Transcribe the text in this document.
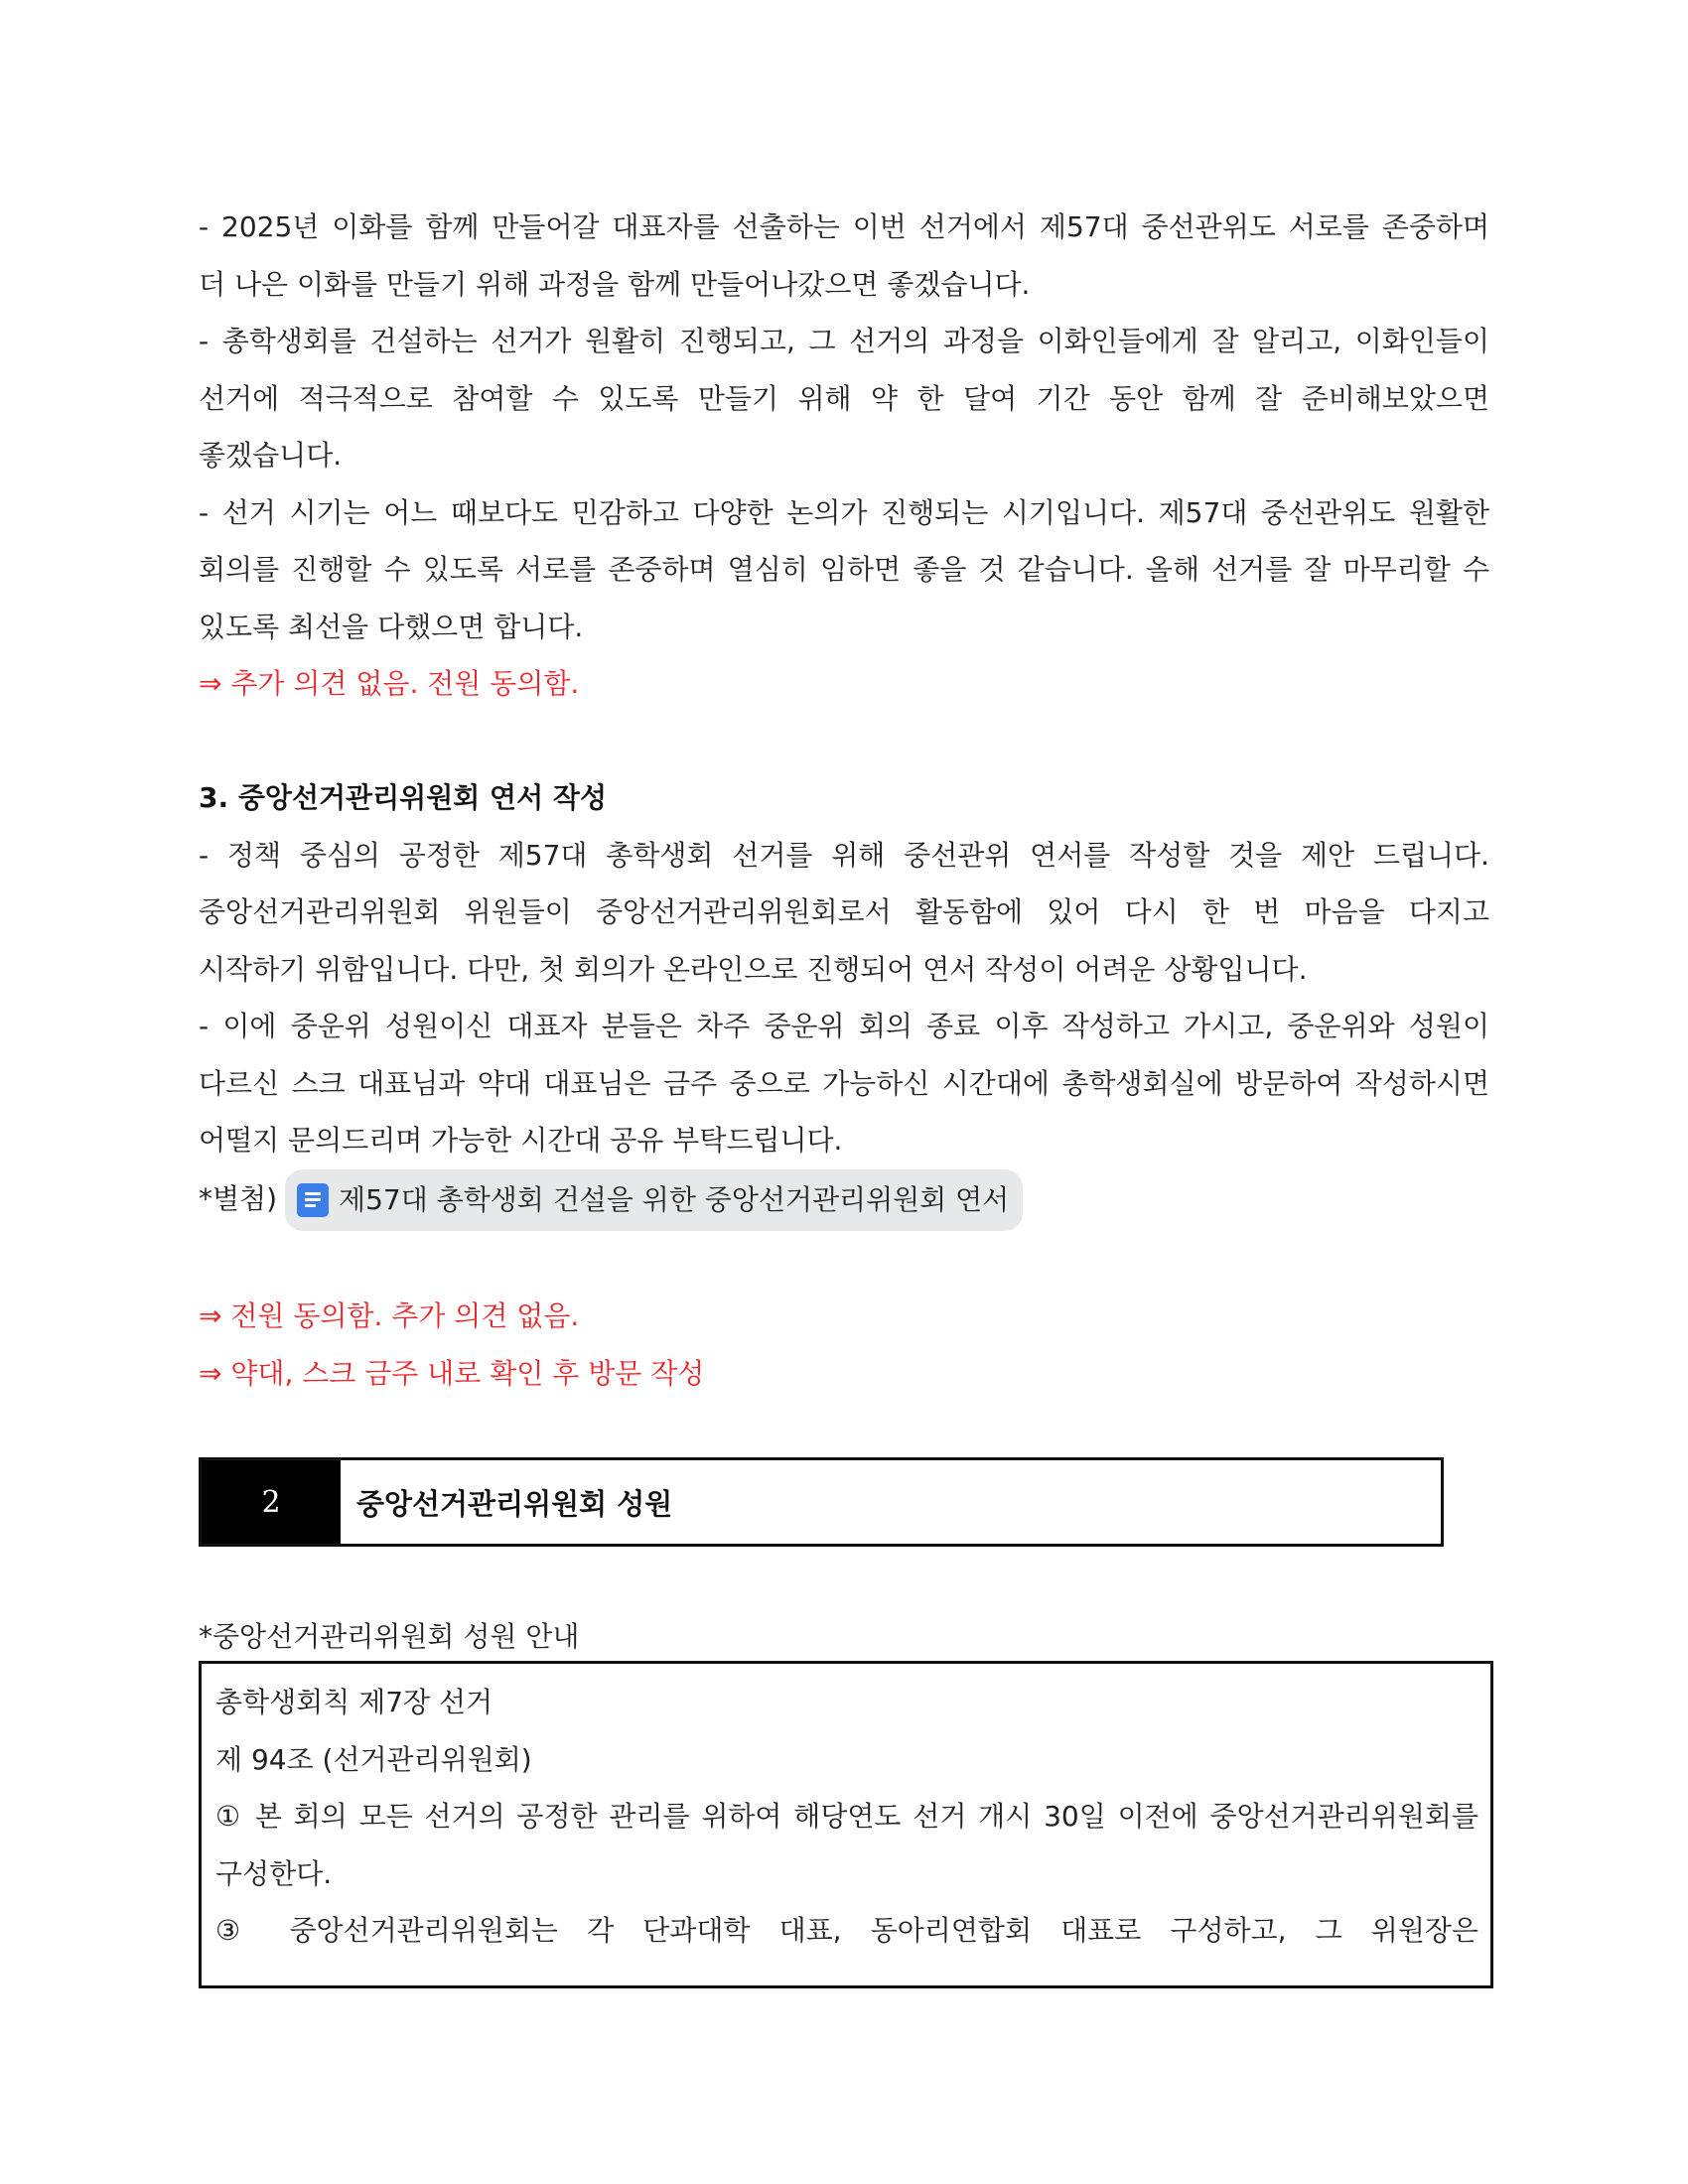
- 2025년 이화를 함께 만들어갈 대표자를 선출하는 이번 선거에서 제57대 중선관위도 서로를 존중하며

더 나은 이화를 만들기 위해 과정을 함께 만들어나갔으면 좋겠습니다.

- 총학생회를 건설하는 선거가 원활히 진행되고, 그 선거의 과정을 이화인들에게 잘 알리고, 이화인들이

선거에 적극적으로 참여할 수 있도록 만들기 위해 약 한 달여 기간 동안 함께 잘 준비해보았으면

좋겠습니다.

- 선거 시기는 어느 때보다도 민감하고 다양한 논의가 진행되는 시기입니다. 제57대 중선관위도 원활한

회의를 진행할 수 있도록 서로를 존중하며 열심히 임하면 좋을 것 같습니다. 올해 선거를 잘 마무리할 수

있도록 최선을 다했으면 합니다.

⇒ 추가 의견 없음. 전원 동의함.

3. 중앙선거관리위원회 연서 작성

- 정책 중심의 공정한 제57대 총학생회 선거를 위해 중선관위 연서를 작성할 것을 제안 드립니다.

중앙선거관리위원회 위원들이 중앙선거관리위원회로서 활동함에 있어 다시 한 번 마음을 다지고

시작하기 위함입니다. 다만, 첫 회의가 온라인으로 진행되어 연서 작성이 어려운 상황입니다.

- 이에 중운위 성원이신 대표자 분들은 차주 중운위 회의 종료 이후 작성하고 가시고, 중운위와 성원이

다르신 스크 대표님과 약대 대표님은 금주 중으로 가능하신 시간대에 총학생회실에 방문하여 작성하시면

어떨지 문의드리며 가능한 시간대 공유 부탁드립니다.

*별첨) 제57대 총학생회 건설을 위한 중앙선거관리위원회 연서

⇒ 전원 동의함. 추가 의견 없음.

⇒ 약대, 스크 금주 내로 확인 후 방문 작성

2	중앙선거관리위원회 성원

*중앙선거관리위원회 성원 안내

총학생회칙 제7장 선거

제 94조 (선거관리위원회)

① 본 회의 모든 선거의 공정한 관리를 위하여 해당연도 선거 개시 30일 이전에 중앙선거관리위원회를

구성한다.

③ 중앙선거관리위원회는 각 단과대학 대표, 동아리연합회 대표로 구성하고, 그 위원장은
